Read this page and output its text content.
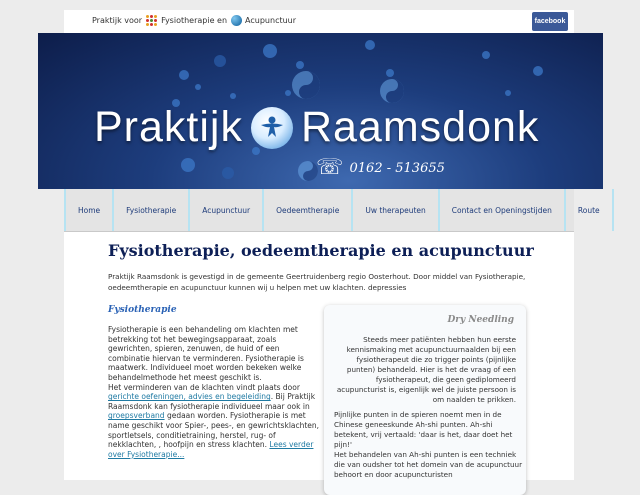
Praktijk voor Fysiotherapie en Acupunctuur	facebook
Praktijk Raamsdonk
☏ 0162 - 513655
Home	Fysiotherapie	Acupunctuur	Oedeemtherapie	Uw therapeuten	Contact en Openingstijden	Route
Fysiotherapie, oedeemtherapie en acupunctuur

Praktijk Raamsdonk is gevestigd in de gemeente Geertruidenberg regio Oosterhout. Door middel van Fysiotherapie, oedeemtherapie en acupunctuur kunnen wij u helpen met uw klachten. depressies

Fysiotherapie

Fysiotherapie is een behandeling om klachten met betrekking tot het bewegingsapparaat, zoals gewrichten, spieren, zenuwen, de huid of een combinatie hiervan te verminderen. Fysiotherapie is maatwerk. Individueel moet worden bekeken welke behandelmethode het meest geschikt is.
Het verminderen van de klachten vindt plaats door gerichte oefeningen, advies en begeleiding. Bij Praktijk Raamsdonk kan fysiotherapie individueel maar ook in groepsverband gedaan worden. Fysiotherapie is met name geschikt voor Spier-, pees-, en gewrichtsklachten, sportletsels, conditietraining, herstel, rug- of nekklachten, , hoofpijn en stress klachten. Lees verder over Fysiotherapie...

Dry Needling

Steeds meer patiënten hebben hun eerste kennismaking met acupunctuurnaalden bij een fysiotherapeut die zo trigger points (pijnlijke punten) behandeld. Hier is het de vraag of een fysiotherapeut, die geen gediplomeerd acupuncturist is, eigenlijk wel de juiste persoon is om naalden te prikken.

Pijnlijke punten in de spieren noemt men in de Chinese geneeskunde Ah-shi punten. Ah-shi betekent, vrij vertaald: 'daar is het, daar doet het pijn!'
Het behandelen van Ah-shi punten is een techniek die van oudsher tot het domein van de acupunctuur behoort en door acupuncturisten
